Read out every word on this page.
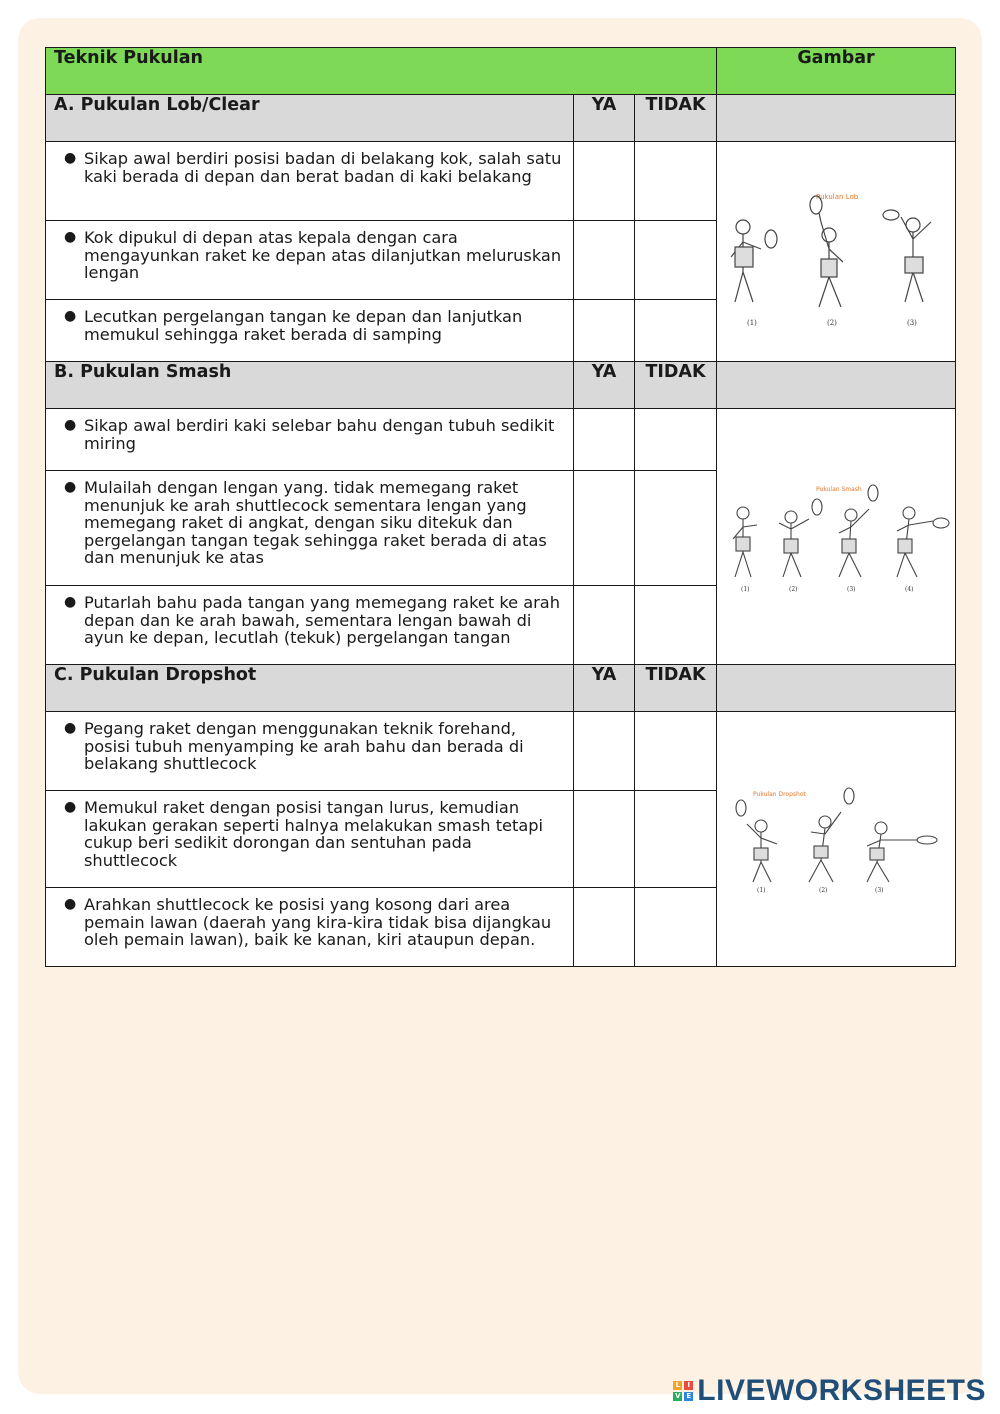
Teknik Pukulan			Gambar
A. Pukulan Lob/Clear	YA	TIDAK	

● Sikap awal berdiri posisi badan di belakang kok, salah satu kaki berada di depan dan berat badan di kaki belakang			Pukulan Lob
(1) (2) (3)

● Kok dipukul di depan atas kepala dengan cara mengayunkan raket ke depan atas dilanjutkan meluruskan lengan			

● Lecutkan pergelangan tangan ke depan dan lanjutkan memukul sehingga raket berada di samping			
B. Pukulan Smash	YA	TIDAK	

● Sikap awal berdiri kaki selebar bahu dengan tubuh sedikit miring			Pukulan Smash
(1) (2) (3) (4)

● Mulailah dengan lengan yang. tidak memegang raket menunjuk ke arah shuttlecock sementara lengan yang memegang raket di angkat, dengan siku ditekuk dan pergelangan tangan tegak sehingga raket berada di atas dan menunjuk ke atas			

● Putarlah bahu pada tangan yang memegang raket ke arah depan dan ke arah bawah, sementara lengan bawah di ayun ke depan, lecutlah (tekuk) pergelangan tangan			
C. Pukulan Dropshot	YA	TIDAK	

● Pegang raket dengan menggunakan teknik forehand, posisi tubuh menyamping ke arah bahu dan berada di belakang shuttlecock			Pukulan Dropshot
(1) (2) (3)

● Memukul raket dengan posisi tangan lurus, kemudian lakukan gerakan seperti halnya melakukan smash tetapi cukup beri sedikit dorongan dan sentuhan pada shuttlecock			

● Arahkan shuttlecock ke posisi yang kosong dari area pemain lawan (daerah yang kira-kira tidak bisa dijangkau oleh pemain lawan), baik ke kanan, kiri ataupun depan.			
L	I
V E LIVEWORKSHEETS
